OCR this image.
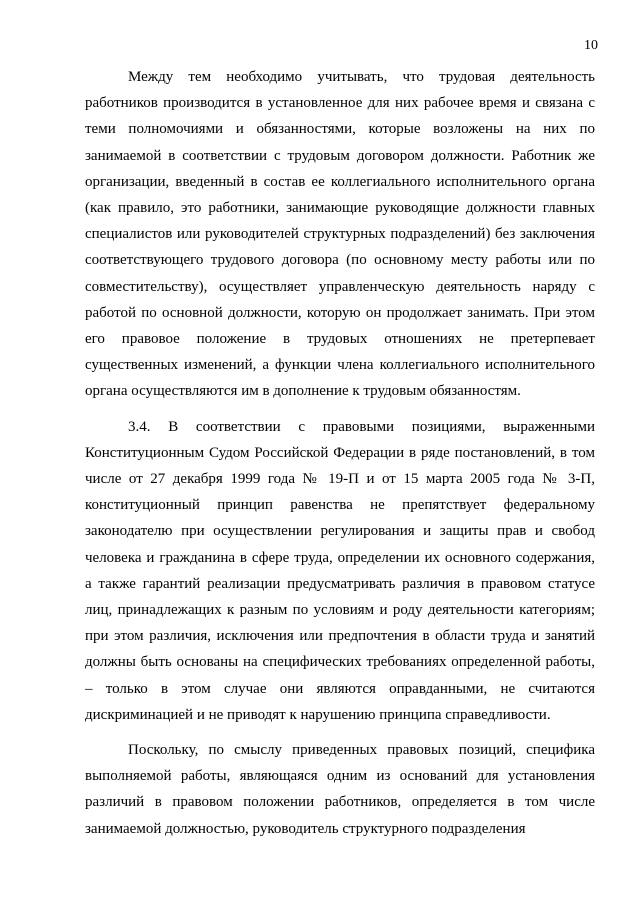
10

Между тем необходимо учитывать, что трудовая деятельность работников производится в установленное для них рабочее время и связана с теми полномочиями и обязанностями, которые возложены на них по занимаемой в соответствии с трудовым договором должности. Работник же организации, введенный в состав ее коллегиального исполнительного органа (как правило, это работники, занимающие руководящие должности главных специалистов или руководителей структурных подразделений) без заключения соответствующего трудового договора (по основному месту работы или по совместительству), осуществляет управленческую деятельность наряду с работой по основной должности, которую он продолжает занимать. При этом его правовое положение в трудовых отношениях не претерпевает существенных изменений, а функции члена коллегиального исполнительного органа осуществляются им в дополнение к трудовым обязанностям.

3.4. В соответствии с правовыми позициями, выраженными Конституционным Судом Российской Федерации в ряде постановлений, в том числе от 27 декабря 1999 года № 19-П и от 15 марта 2005 года № 3-П, конституционный принцип равенства не препятствует федеральному законодателю при осуществлении регулирования и защиты прав и свобод человека и гражданина в сфере труда, определении их основного содержания, а также гарантий реализации предусматривать различия в правовом статусе лиц, принадлежащих к разным по условиям и роду деятельности категориям; при этом различия, исключения или предпочтения в области труда и занятий должны быть основаны на специфических требованиях определенной работы, – только в этом случае они являются оправданными, не считаются дискриминацией и не приводят к нарушению принципа справедливости.

Поскольку, по смыслу приведенных правовых позиций, специфика выполняемой работы, являющаяся одним из оснований для установления различий в правовом положении работников, определяется в том числе занимаемой должностью, руководитель структурного подразделения
